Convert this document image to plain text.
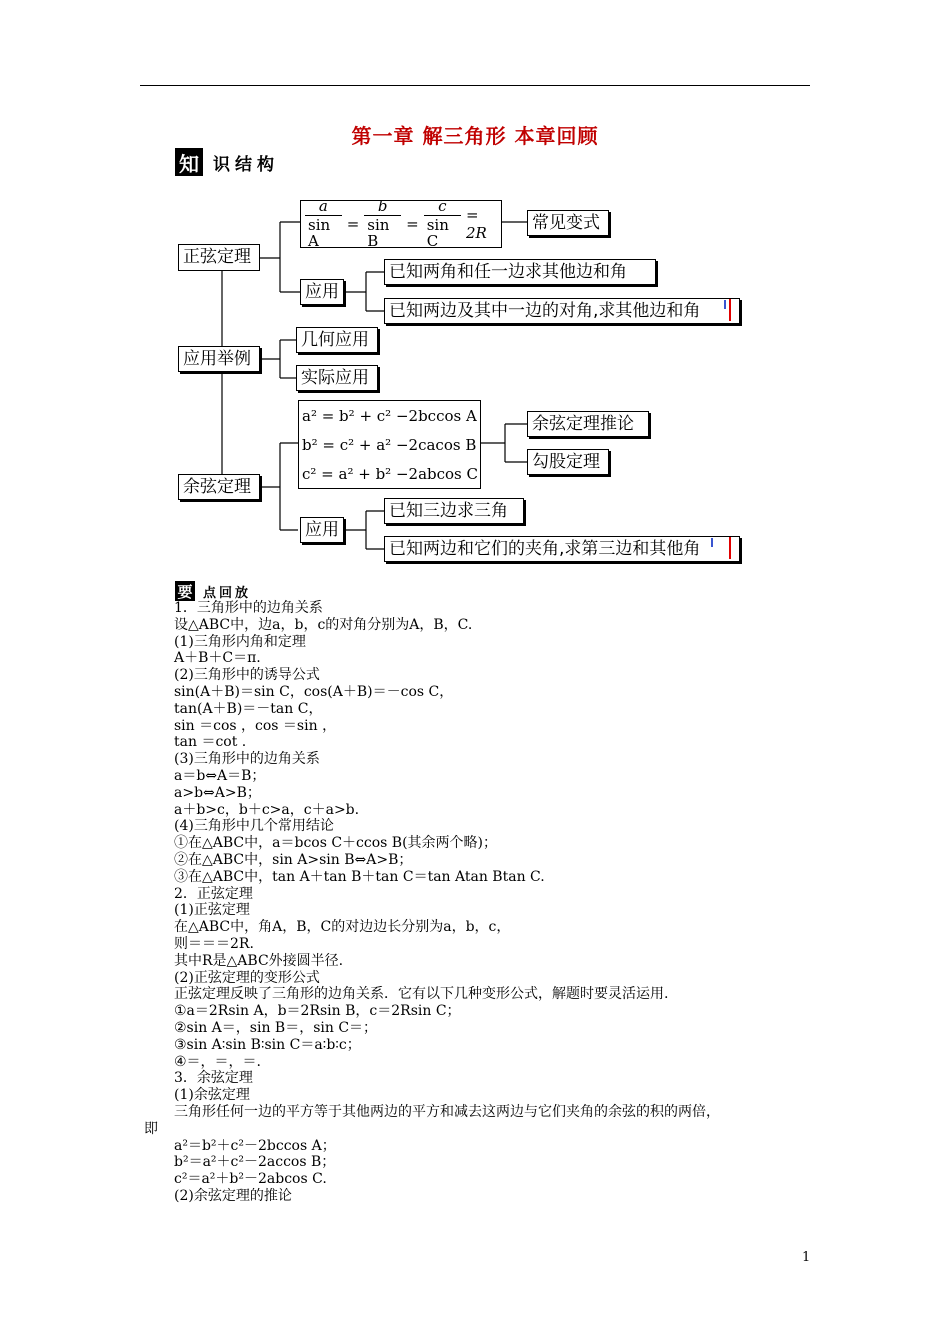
第一章 解三角形 本章回顾
知 识结构
正弦定理
$\frac{a}{\text{sin A}} = \frac{b}{\text{sin B}} = \frac{c}{\text{sin C}} = 2R$
常见变式
应用
已知两角和任一边求其他边和角
已知两边及其中一边的对角,求其他边和角
应用举例
几何应用
实际应用
a² = b² + c² −2bccos A
b² = c² + a² −2cacos B
c² = a² + b² −2abcos C
余弦定理推论
勾股定理
余弦定理
应用
已知三边求三角
已知两边和它们的夹角,求第三边和其他角
要 点回放
1．三角形中的边角关系
设△ABC中，边a，b，c的对角分别为A，B，C.
(1)三角形内角和定理
A＋B＋C＝π.
(2)三角形中的诱导公式
sin(A＋B)＝sin C，cos(A＋B)＝－cos C，
tan(A＋B)＝－tan C，
sin ＝cos ，cos ＝sin ，
tan ＝cot .
(3)三角形中的边角关系
a＝b⇔A＝B；
a>b⇔A>B；
a＋b>c，b＋c>a，c＋a>b.
(4)三角形中几个常用结论
①在△ABC中，a＝bcos C＋ccos B(其余两个略)；
②在△ABC中，sin A>sin B⇔A>B；
③在△ABC中，tan A＋tan B＋tan C＝tan Atan Btan C.
2．正弦定理
(1)正弦定理
在△ABC中，角A，B，C的对边边长分别为a，b，c，
则＝＝＝2R.
其中R是△ABC外接圆半径.
(2)正弦定理的变形公式
正弦定理反映了三角形的边角关系．它有以下几种变形公式，解题时要灵活运用.
①a＝2Rsin A，b＝2Rsin B，c＝2Rsin C；
②sin A＝，sin B＝，sin C＝；
③sin A∶sin B∶sin C＝a∶b∶c；
④＝，＝，＝.
3．余弦定理
(1)余弦定理
三角形任何一边的平方等于其他两边的平方和减去这两边与它们夹角的余弦的积的两倍，
即
a²＝b²＋c²－2bccos A；
b²＝a²＋c²－2accos B；
c²＝a²＋b²－2abcos C.
(2)余弦定理的推论
1
